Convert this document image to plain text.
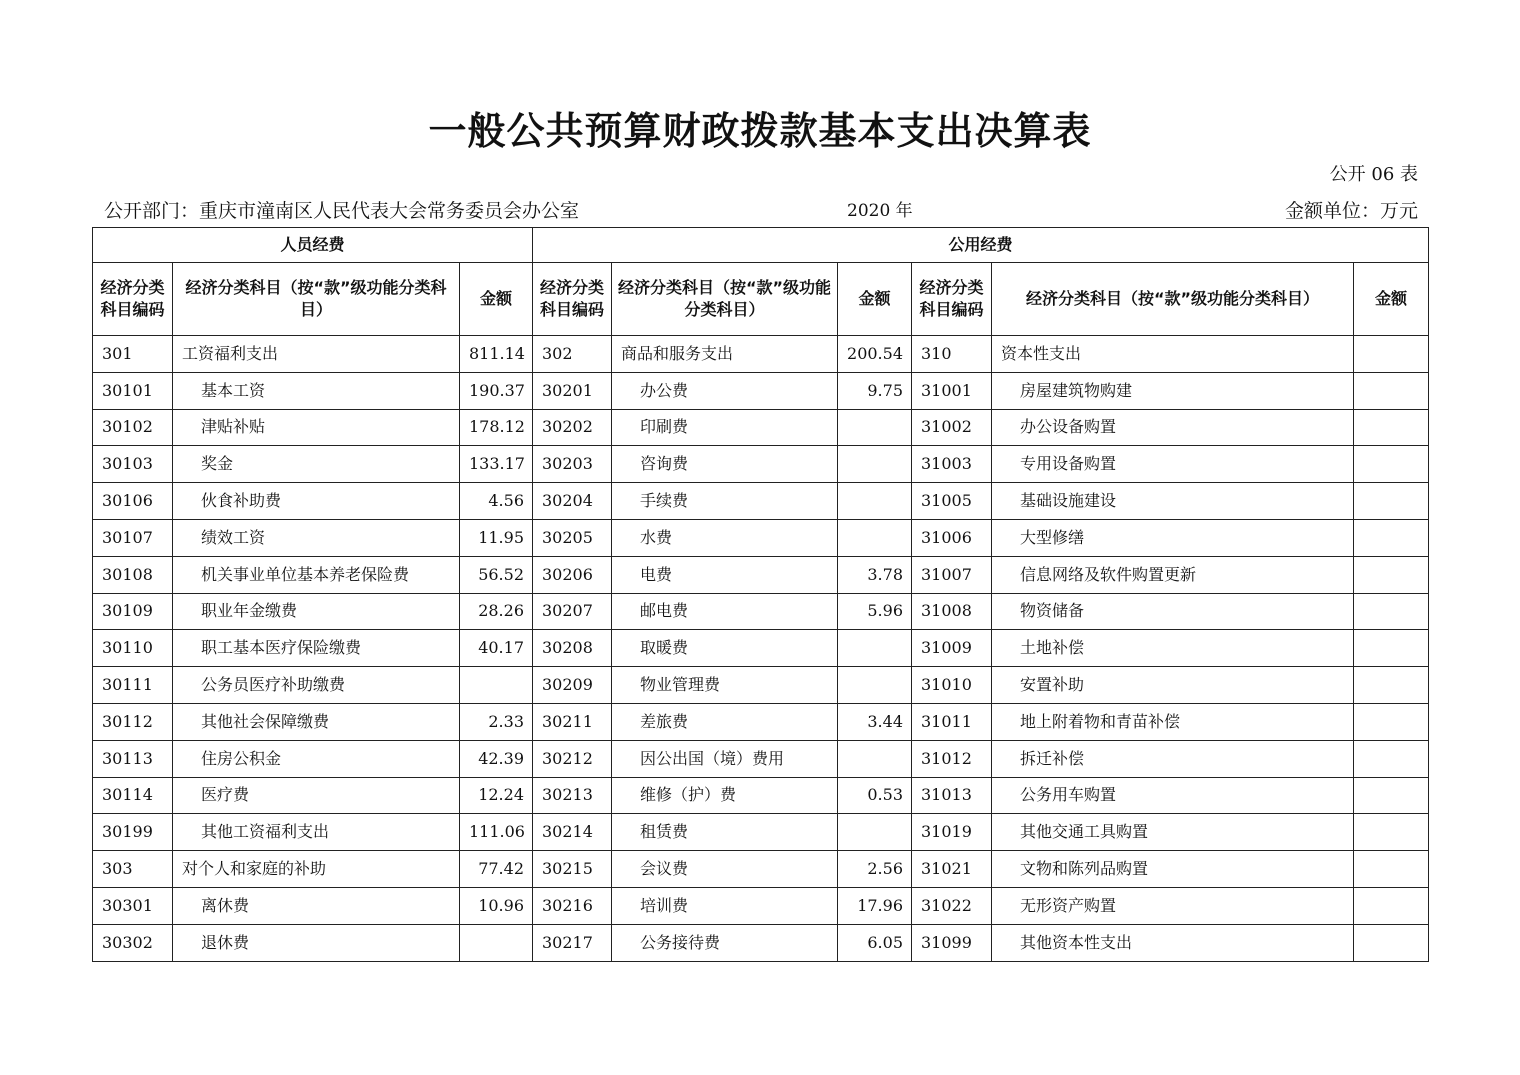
一般公共预算财政拨款基本支出决算表
公开 06 表
公开部门：重庆市潼南区人民代表大会常务委员会办公室	2020 年	金额单位：万元
人员经费			公用经费					
经济分类科目编码	经济分类科目（按“款”级功能分类科目）	金额	经济分类科目编码	经济分类科目（按“款”级功能分类科目）	金额	经济分类科目编码	经济分类科目（按“款”级功能分类科目）	金额
301	工资福利支出	811.14	302	商品和服务支出	200.54	310	资本性支出	
30101	基本工资	190.37	30201	办公费	9.75	31001	房屋建筑物购建	
30102	津贴补贴	178.12	30202	印刷费		31002	办公设备购置	
30103	奖金	133.17	30203	咨询费		31003	专用设备购置	
30106	伙食补助费	4.56	30204	手续费		31005	基础设施建设	
30107	绩效工资	11.95	30205	水费		31006	大型修缮	
30108	机关事业单位基本养老保险费	56.52	30206	电费	3.78	31007	信息网络及软件购置更新	
30109	职业年金缴费	28.26	30207	邮电费	5.96	31008	物资储备	
30110	职工基本医疗保险缴费	40.17	30208	取暖费		31009	土地补偿	
30111	公务员医疗补助缴费		30209	物业管理费		31010	安置补助	
30112	其他社会保障缴费	2.33	30211	差旅费	3.44	31011	地上附着物和青苗补偿	
30113	住房公积金	42.39	30212	因公出国（境）费用		31012	拆迁补偿	
30114	医疗费	12.24	30213	维修（护）费	0.53	31013	公务用车购置	
30199	其他工资福利支出	111.06	30214	租赁费		31019	其他交通工具购置	
303	对个人和家庭的补助	77.42	30215	会议费	2.56	31021	文物和陈列品购置	
30301	离休费	10.96	30216	培训费	17.96	31022	无形资产购置	
30302	退休费		30217	公务接待费	6.05	31099	其他资本性支出	
